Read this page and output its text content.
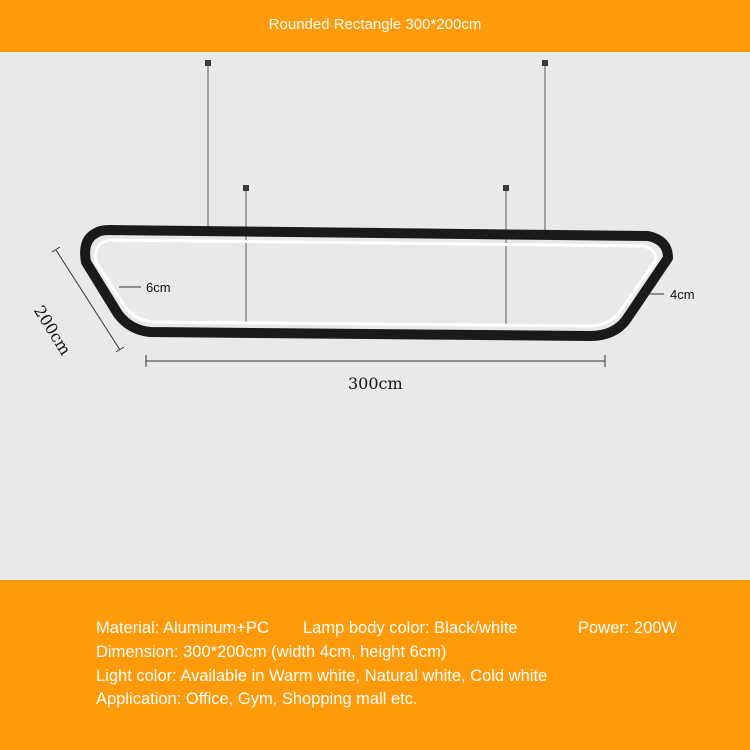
Rounded Rectangle 300*200cm
200cm
300cm
6cm	4cm
Material: Aluminum+PC Lamp body color: Black/white	Power: 200W
Dimension: 300*200cm (width 4cm, height 6cm)
Light color: Available in Warm white, Natural white, Cold white
Application: Office, Gym, Shopping mall etc.
